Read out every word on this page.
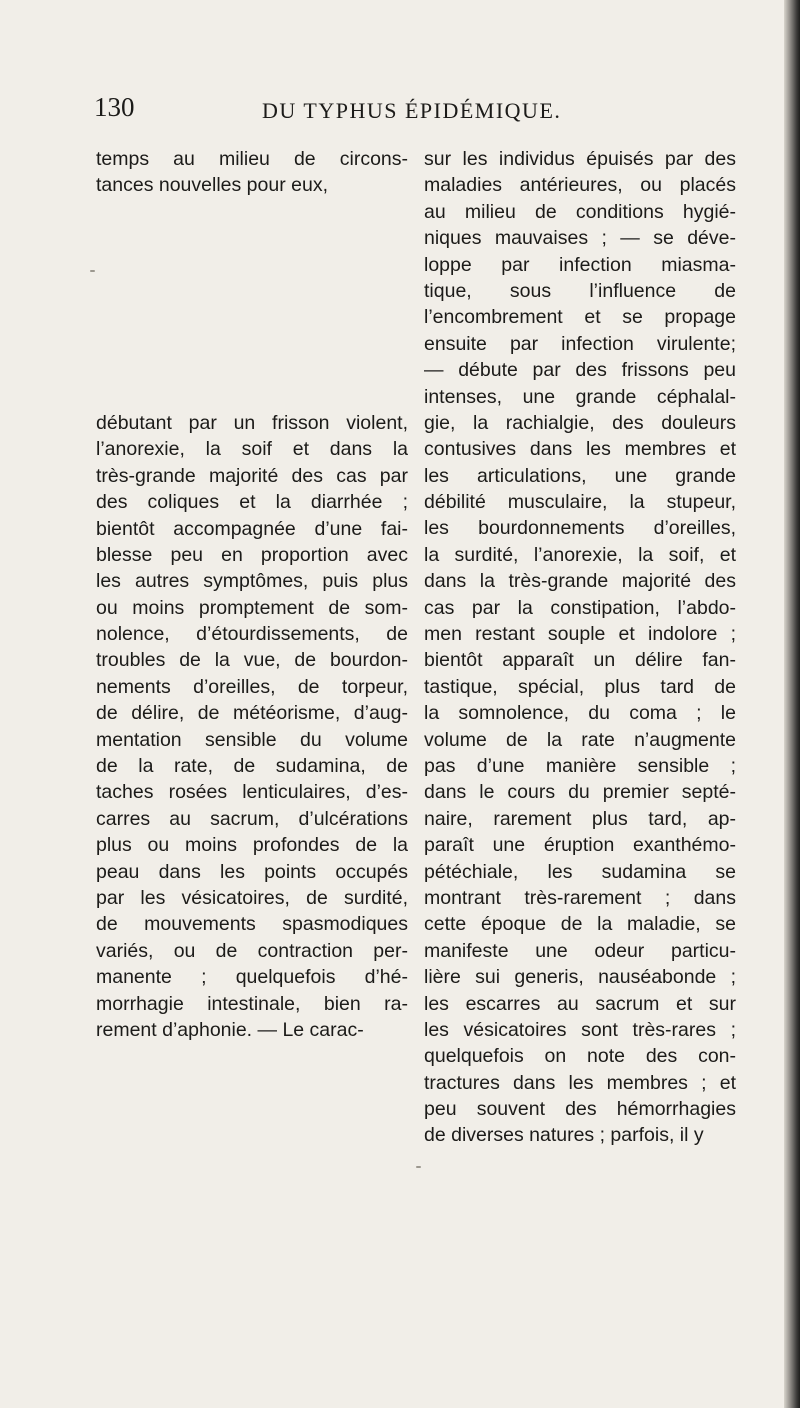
130	DU TYPHUS ÉPIDÉMIQUE.
temps au milieu de circons-
tances nouvelles pour eux,
débutant par un frisson violent,
l’anorexie, la soif et dans la
très-grande majorité des cas par
des coliques et la diarrhée ;
bientôt accompagnée d’une fai-
blesse peu en proportion avec
les autres symptômes, puis plus
ou moins promptement de som-
nolence, d’étourdissements, de
troubles de la vue, de bourdon-
nements d’oreilles, de torpeur,
de délire, de météorisme, d’aug-
mentation sensible du volume
de la rate, de sudamina, de
taches rosées lenticulaires, d’es-
carres au sacrum, d’ulcérations
plus ou moins profondes de la
peau dans les points occupés
par les vésicatoires, de surdité,
de mouvements spasmodiques
variés, ou de contraction per-
manente ; quelquefois d’hé-
morrhagie intestinale, bien ra-
rement d’aphonie. — Le carac-
sur les individus épuisés par des
maladies antérieures, ou placés
au milieu de conditions hygié-
niques mauvaises ; — se déve-
loppe par infection miasma-
tique, sous l’influence de
l’encombrement et se propage
ensuite par infection virulente;
— débute par des frissons peu
intenses, une grande céphalal-
gie, la rachialgie, des douleurs
contusives dans les membres et
les articulations, une grande
débilité musculaire, la stupeur,
les bourdonnements d’oreilles,
la surdité, l’anorexie, la soif, et
dans la très-grande majorité des
cas par la constipation, l’abdo-
men restant souple et indolore ;
bientôt apparaît un délire fan-
tastique, spécial, plus tard de
la somnolence, du coma ; le
volume de la rate n’augmente
pas d’une manière sensible ;
dans le cours du premier septé-
naire, rarement plus tard, ap-
paraît une éruption exanthémo-
pétéchiale, les sudamina se
montrant très-rarement ; dans
cette époque de la maladie, se
manifeste une odeur particu-
lière sui generis, nauséabonde ;
les escarres au sacrum et sur
les vésicatoires sont très-rares ;
quelquefois on note des con-
tractures dans les membres ; et
peu souvent des hémorrhagies
de diverses natures ; parfois, il y
